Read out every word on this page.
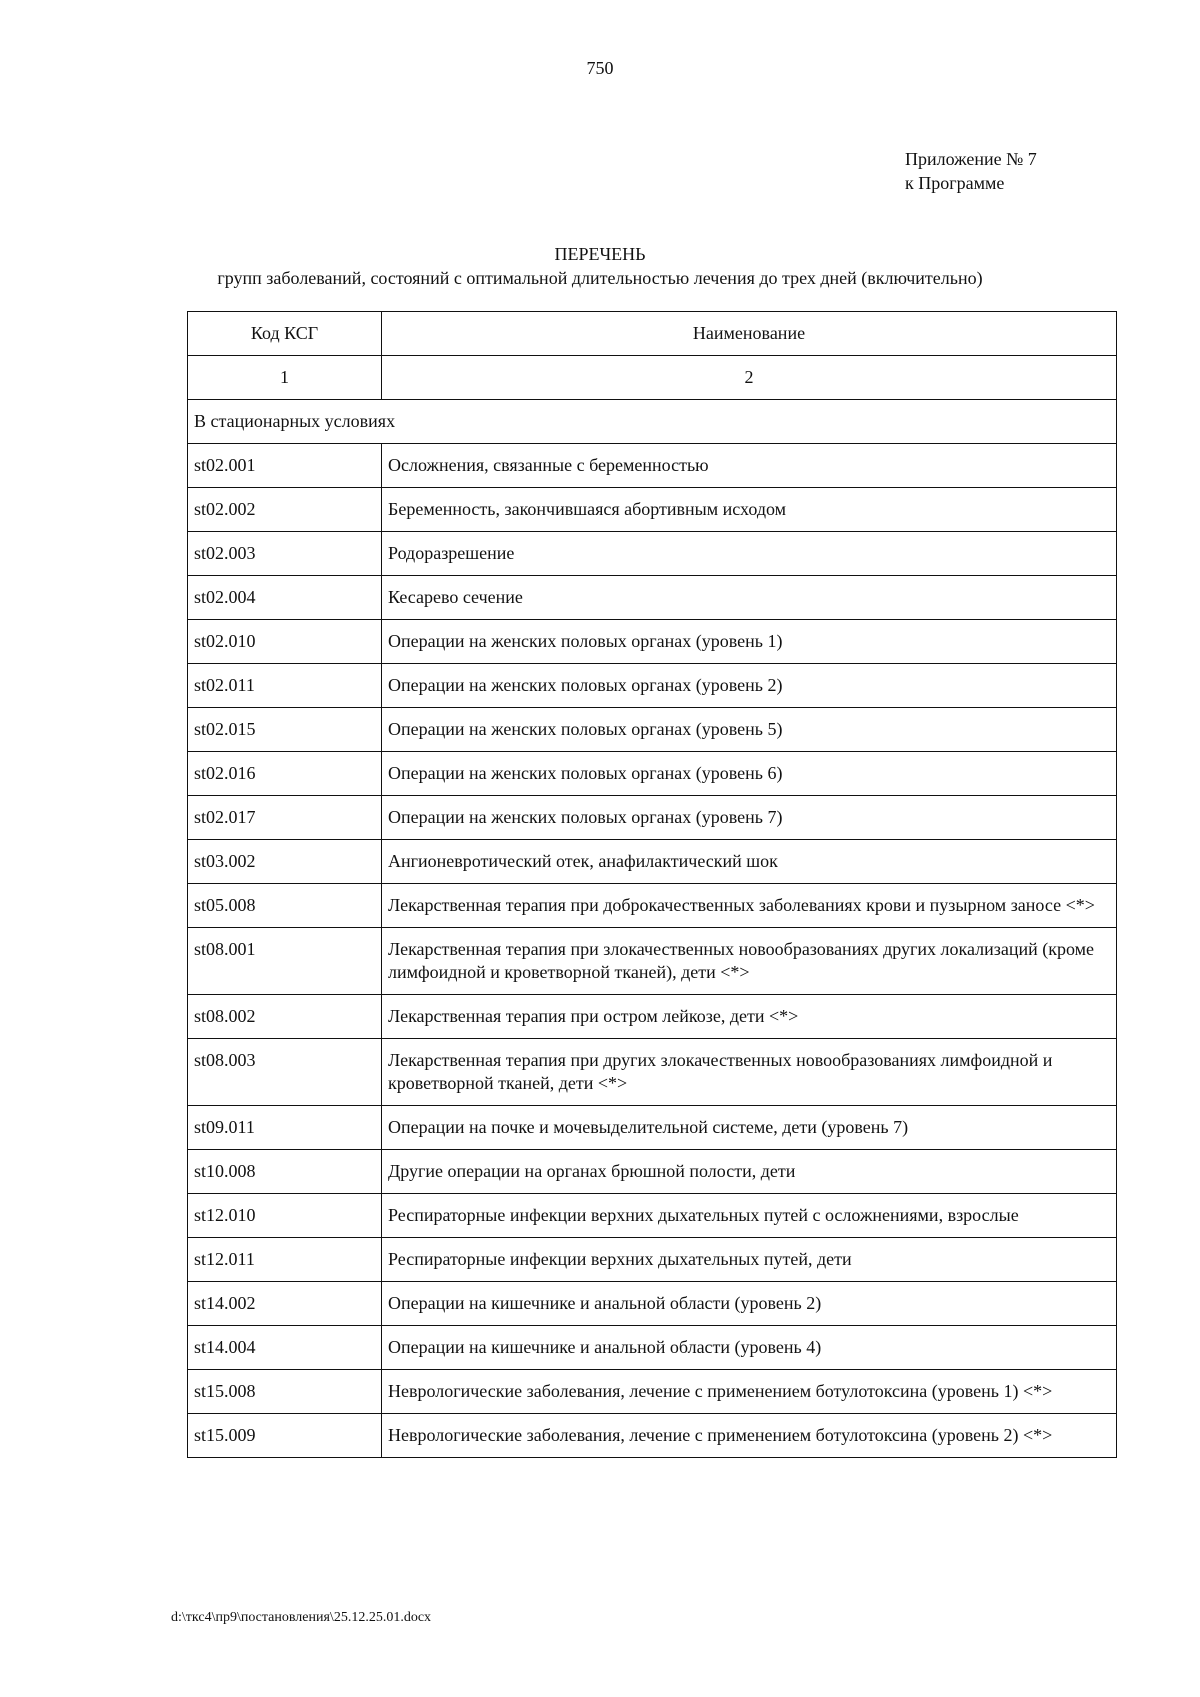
750
Приложение № 7
к Программе
ПЕРЕЧЕНЬ
групп заболеваний, состояний с оптимальной длительностью лечения до трех дней (включительно)
Код КСГ	Наименование
1	2
В стационарных условиях	
st02.001	Осложнения, связанные с беременностью
st02.002	Беременность, закончившаяся абортивным исходом
st02.003	Родоразрешение
st02.004	Кесарево сечение
st02.010	Операции на женских половых органах (уровень 1)
st02.011	Операции на женских половых органах (уровень 2)
st02.015	Операции на женских половых органах (уровень 5)
st02.016	Операции на женских половых органах (уровень 6)
st02.017	Операции на женских половых органах (уровень 7)
st03.002	Ангионевротический отек, анафилактический шок
st05.008	Лекарственная терапия при доброкачественных заболеваниях крови и пузырном заносе <*>
st08.001	Лекарственная терапия при злокачественных новообразованиях других локализаций (кроме лимфоидной и кроветворной тканей), дети <*>
st08.002	Лекарственная терапия при остром лейкозе, дети <*>
st08.003	Лекарственная терапия при других злокачественных новообразованиях лимфоидной и кроветворной тканей, дети <*>
st09.011	Операции на почке и мочевыделительной системе, дети (уровень 7)
st10.008	Другие операции на органах брюшной полости, дети
st12.010	Респираторные инфекции верхних дыхательных путей с осложнениями, взрослые
st12.011	Респираторные инфекции верхних дыхательных путей, дети
st14.002	Операции на кишечнике и анальной области (уровень 2)
st14.004	Операции на кишечнике и анальной области (уровень 4)
st15.008	Неврологические заболевания, лечение с применением ботулотоксина (уровень 1) <*>
st15.009	Неврологические заболевания, лечение с применением ботулотоксина (уровень 2) <*>
d:\ткс4\пр9\постановления\25.12.25.01.docx
